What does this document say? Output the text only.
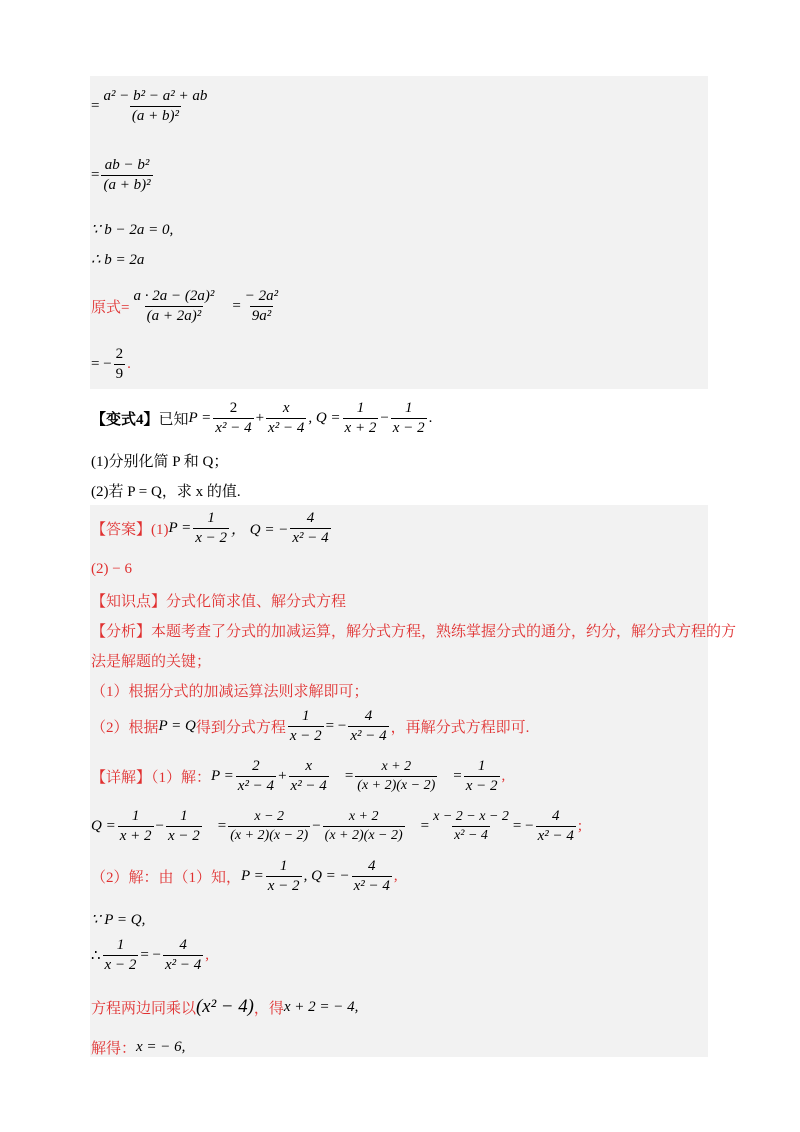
= $\frac{\text{a² − b² − a² + ab}}{\text{(a + b)²}}$
= $\frac{\text{ab − b²}}{\text{(a + b)²}}$
∵ b − 2a = 0,
∴ b = 2a
原式= $\frac{\text{a · 2a − (2a)²}}{\text{(a + 2a)²}} = \frac{\text{− 2a²}}{\text{9a²}}$
= − $\frac{2}{9}$ .
【变式4】 已知 $P = \frac{2}{\text{x² − 4}} + \frac{x}{\text{x² − 4}}$ , $Q = \frac{1}{x + 2} - \frac{1}{x - 2}$ .
(1)分别化简 P 和 Q；
(2)若 P = Q，求 x 的值.
【答案】(1) $P = \frac{1}{x - 2}$ ， Q = − $\frac{4}{\text{x² − 4}}$
(2) − 6
【知识点】分式化简求值、解分式方程
【分析】本题考查了分式的加减运算，解分式方程，熟练掌握分式的通分，约分，解分式方程的方
法是解题的关键；
（1）根据分式的加减运算法则求解即可；
（2）根据 P = Q 得到分式方程 $\frac{1}{x - 2}$ = − $\frac{4}{\text{x² − 4}}$ ，再解分式方程即可.
【详解】（1）解： $P = \frac{2}{\text{x² − 4}} + \frac{x}{\text{x² − 4}} = \frac{x + 2}{(x + 2)(x - 2)} = \frac{1}{x - 2}$ ,
$Q = \frac{1}{x + 2} - \frac{1}{x - 2} = \frac{x - 2}{(x + 2)(x - 2)} - \frac{x + 2}{(x + 2)(x - 2)} = \frac{x - 2 - x - 2}{\text{x² − 4}}$ = − $\frac{4}{\text{x² − 4}}$ ;
（2）解：由（1）知， $P = \frac{1}{x - 2}$ , Q = − $\frac{4}{\text{x² − 4}}$ ,
∵ P = Q,
∴ $\frac{1}{x - 2}$ = − $\frac{4}{\text{x² − 4}}$ ,
方程两边同乘以 (x² − 4) ，得 x + 2 = − 4,
解得： x = − 6,
